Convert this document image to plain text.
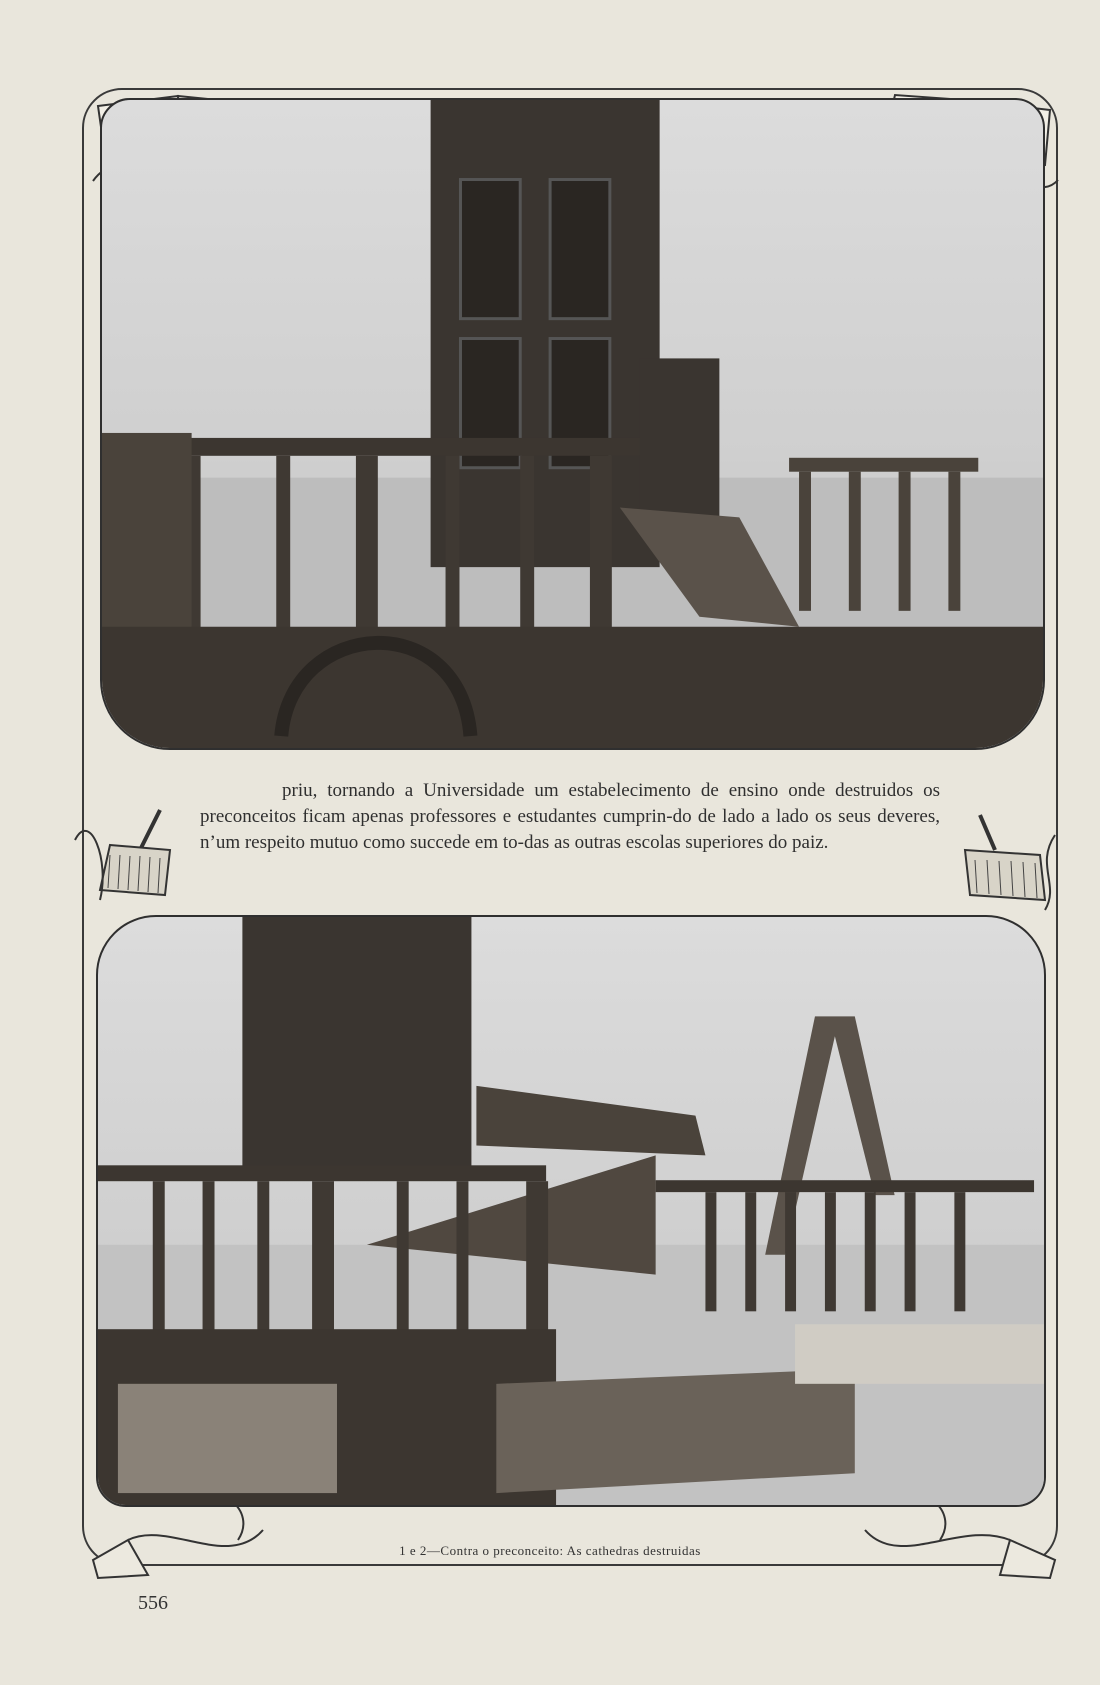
priu, tornando a Universidade um estabelecimento de ensino onde destruidos os preconceitos ficam apenas professores e estudantes cumprin-do de lado a lado os seus deveres, n’um respeito mutuo como succede em to-das as outras escolas superiores do paiz.
1 e 2—Contra o preconceito: As cathedras destruidas
556
